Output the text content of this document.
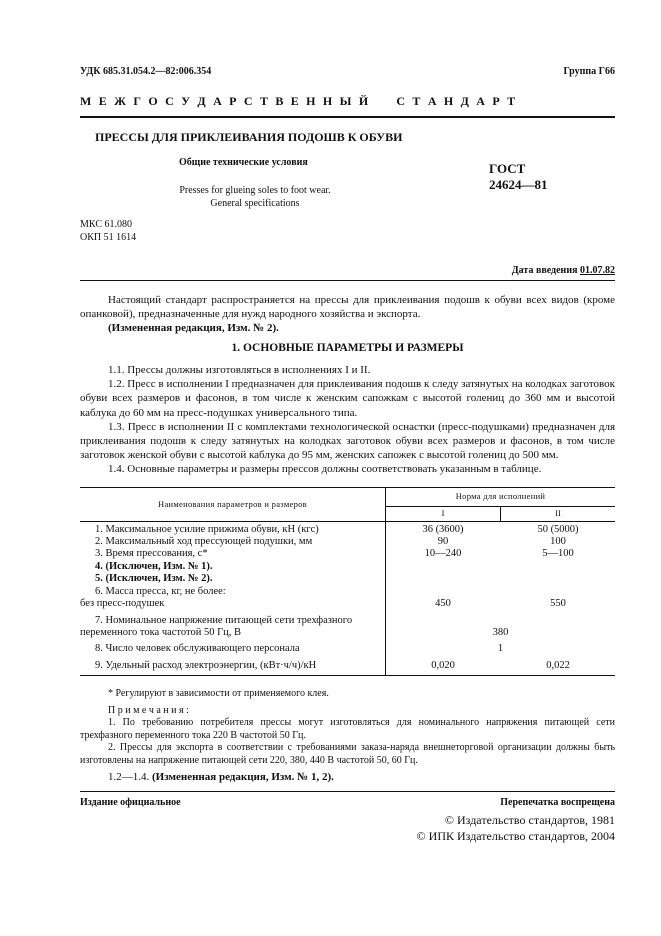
УДК 685.31.054.2—82:006.354	Группа Г66
М Е Ж Г О С У Д А Р С Т В Е Н Н Ы Й     С Т А Н Д А Р Т
ПРЕССЫ ДЛЯ ПРИКЛЕИВАНИЯ ПОДОШВ К ОБУВИ
Общие технические условия
Presses for glueing soles to foot wear.
General specifications
ГОСТ
24624—81
МКС 61.080
ОКП 51 1614
Дата введения 01.07.82

Настоящий стандарт распространяется на прессы для приклеивания подошв к обуви всех видов (кроме опанковой), предназначенные для нужд народного хозяйства и экспорта.

(Измененная редакция, Изм. № 2).

1. ОСНОВНЫЕ ПАРАМЕТРЫ И РАЗМЕРЫ

1.1. Прессы должны изготовляться в исполнениях I и II.

1.2. Пресс в исполнении I предназначен для приклеивания подошв к следу затянутых на колодках заготовок обуви всех размеров и фасонов, в том числе к женским сапожкам с высотой голениц до 360 мм и высотой каблука до 60 мм на пресс-подушках универсального типа.

1.3. Пресс в исполнении II с комплектами технологической оснастки (пресс-подушками) предназначен для приклеивания подошв к следу затянутых на колодках заготовок обуви всех размеров и фасонов, в том числе заготовок женской обуви с высотой каблука до 95 мм, женских сапожек с высотой голениц до 500 мм.

1.4. Основные параметры и размеры прессов должны соответствовать указанным в таблице.

Наименования параметров и размеров
Норма для исполнений
I	II
1. Максимальное усилие прижима обуви, кН (кгс)	36 (3600)	50 (5000)
2. Максимальный ход прессующей подушки, мм	90	100
3. Время прессования, с*	10—240	5—100
4. (Исключен, Изм. № 1).
5. (Исключен, Изм. № 2).
6. Масса пресса, кг, не более:
без пресс-подушек	450	550
7. Номинальное напряжение питающей сети трехфазного
переменного тока частотой 50 Гц, В	380
8. Число человек обслуживающего персонала	1
9. Удельный расход электроэнергии, (кВт·ч/ч)/кН	0,020	0,022
* Регулируют в зависимости от применяемого клея.
П р и м е ч а н и я :

1. По требованию потребителя прессы могут изготовляться для номинального напряжения питающей сети трехфазного переменного тока 220 В частотой 50 Гц.

2. Прессы для экспорта в соответствии с требованиями заказа-наряда внешнеторговой организации должны быть изготовлены на напряжение питающей сети 220, 380, 440 В частотой 50, 60 Гц.

1.2—1.4. (Измененная редакция, Изм. № 1, 2).
Издание официальное	Перепечатка воспрещена
© Издательство стандартов, 1981
© ИПК Издательство стандартов, 2004
